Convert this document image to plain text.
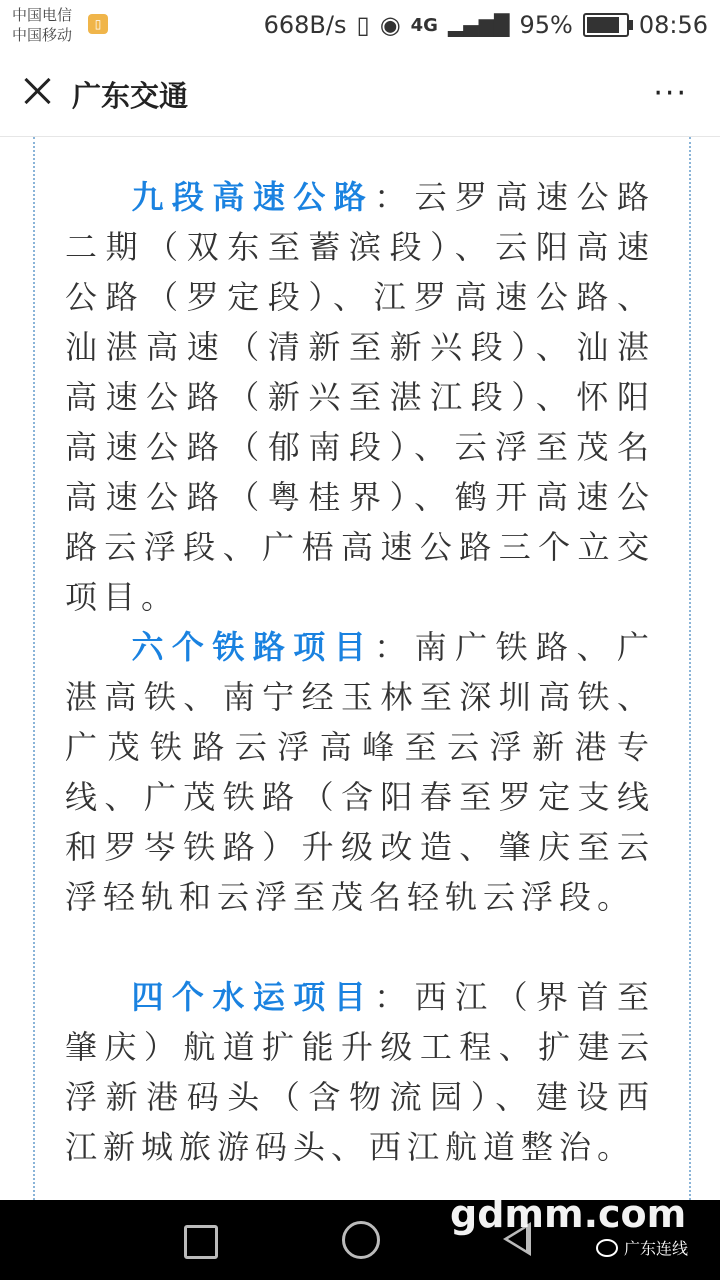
中国电信
中国移动
▯	668B/s ▯ ◉ 4G ▂▄▆█ 95%	08:56
广东交通	···

九段高速公路：云罗高速公路二期（双东至蓄滨段）、云阳高速公路（罗定段）、江罗高速公路、汕湛高速（清新至新兴段）、汕湛高速公路（新兴至湛江段）、怀阳高速公路（郁南段）、云浮至茂名高速公路（粤桂界）、鹤开高速公路云浮段、广梧高速公路三个立交项目。

六个铁路项目：南广铁路、广湛高铁、南宁经玉林至深圳高铁、广茂铁路云浮高峰至云浮新港专线、广茂铁路（含阳春至罗定支线和罗岑铁路）升级改造、肇庆至云浮轻轨和云浮至茂名轻轨云浮段。

四个水运项目：西江（界首至肇庆）航道扩能升级工程、扩建云浮新港码头（含物流园）、建设西江新城旅游码头、西江航道整治。

gdmm.com
广东连线
